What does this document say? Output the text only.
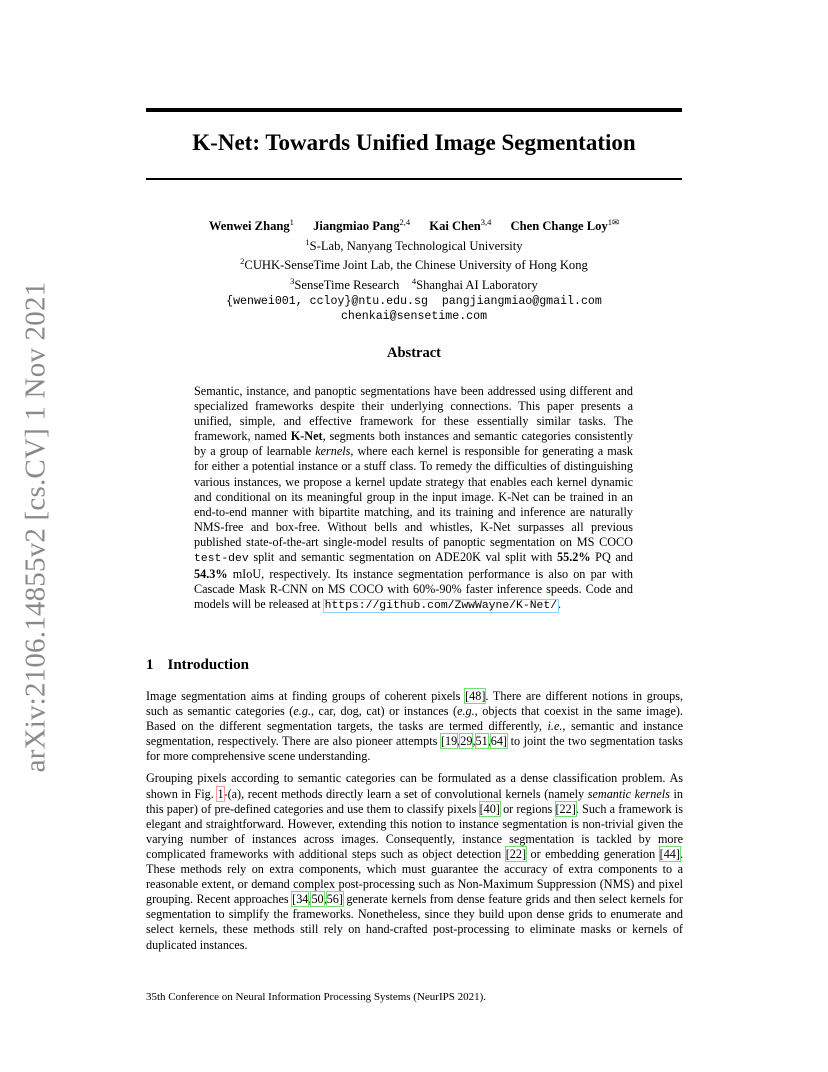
arXiv:2106.14855v2 [cs.CV] 1 Nov 2021
K-Net: Towards Unified Image Segmentation
Wenwei Zhang$^1$ Jiangmiao Pang$^{2,4}$ Kai Chen$^{3,4}$ Chen Change Loy$^{1✉}$
$^1$S-Lab, Nanyang Technological University
$^2$CUHK-SenseTime Joint Lab, the Chinese University of Hong Kong
$^3$SenseTime Research $^4$Shanghai AI Laboratory
{wenwei001, ccloy}@ntu.edu.sg  pangjiangmiao@gmail.com
chenkai@sensetime.com
Abstract
Semantic, instance, and panoptic segmentations have been addressed using different and specialized frameworks despite their underlying connections. This paper presents a unified, simple, and effective framework for these essentially similar tasks. The framework, named K-Net, segments both instances and semantic categories consistently by a group of learnable kernels, where each kernel is responsible for generating a mask for either a potential instance or a stuff class. To remedy the difficulties of distinguishing various instances, we propose a kernel update strategy that enables each kernel dynamic and conditional on its meaningful group in the input image. K-Net can be trained in an end-to-end manner with bipartite matching, and its training and inference are naturally NMS-free and box-free. Without bells and whistles, K-Net surpasses all previous published state-of-the-art single-model results of panoptic segmentation on MS COCO test-dev split and semantic segmentation on ADE20K val split with 55.2% PQ and 54.3% mIoU, respectively. Its instance segmentation performance is also on par with Cascade Mask R-CNN on MS COCO with 60%-90% faster inference speeds. Code and models will be released at https://github.com/ZwwWayne/K-Net/.
1 Introduction

Image segmentation aims at finding groups of coherent pixels [48]. There are different notions in groups, such as semantic categories (e.g., car, dog, cat) or instances (e.g., objects that coexist in the same image). Based on the different segmentation targets, the tasks are termed differently, i.e., semantic and instance segmentation, respectively. There are also pioneer attempts [19,29,51,64] to joint the two segmentation tasks for more comprehensive scene understanding.

Grouping pixels according to semantic categories can be formulated as a dense classification problem. As shown in Fig. 1-(a), recent methods directly learn a set of convolutional kernels (namely semantic kernels in this paper) of pre-defined categories and use them to classify pixels [40] or regions [22]. Such a framework is elegant and straightforward. However, extending this notion to instance segmentation is non-trivial given the varying number of instances across images. Consequently, instance segmentation is tackled by more complicated frameworks with additional steps such as object detection [22] or embedding generation [44]. These methods rely on extra components, which must guarantee the accuracy of extra components to a reasonable extent, or demand complex post-processing such as Non-Maximum Suppression (NMS) and pixel grouping. Recent approaches [34,50,56] generate kernels from dense feature grids and then select kernels for segmentation to simplify the frameworks. Nonetheless, since they build upon dense grids to enumerate and select kernels, these methods still rely on hand-crafted post-processing to eliminate masks or kernels of duplicated instances.

35th Conference on Neural Information Processing Systems (NeurIPS 2021).
